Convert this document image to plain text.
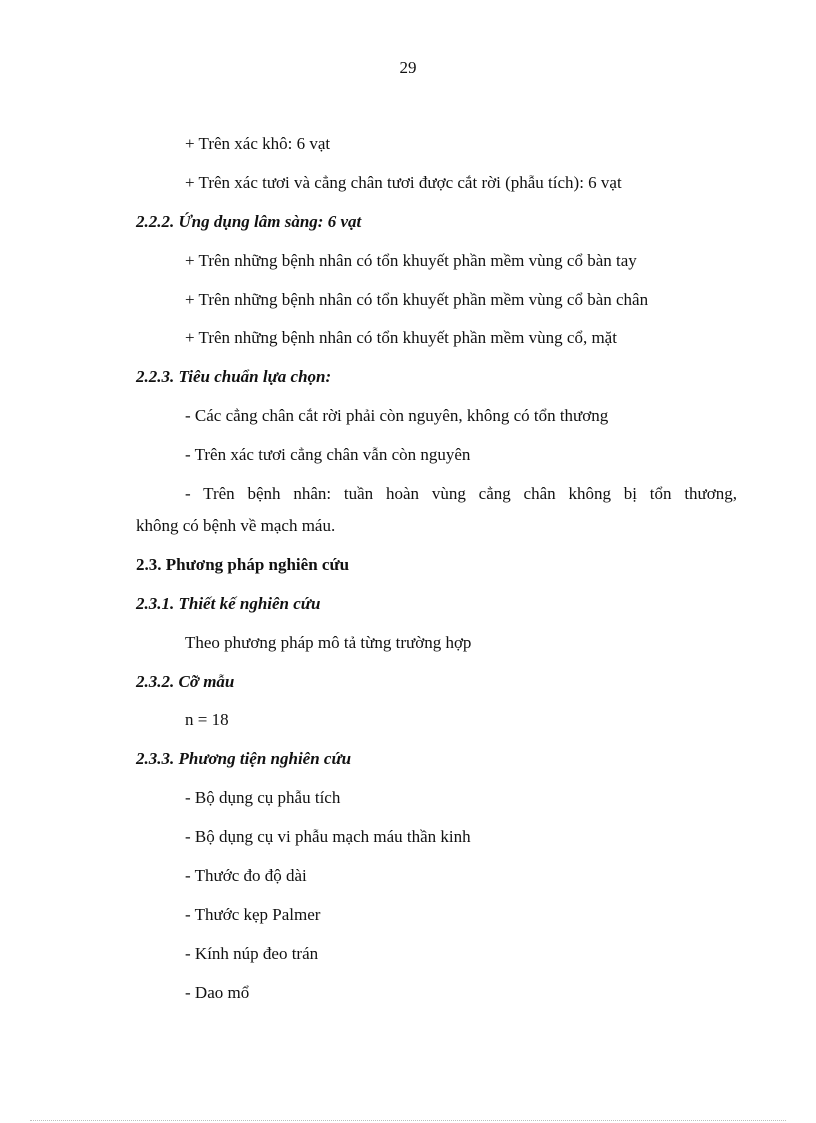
29
+ Trên xác khô: 6 vạt
+ Trên xác tươi và cẳng chân tươi được cắt rời (phẫu tích): 6 vạt
2.2.2. Ứng dụng lâm sàng: 6 vạt
+ Trên những bệnh nhân có tổn khuyết phần mềm vùng cổ bàn tay
+ Trên những bệnh nhân có tổn khuyết phần mềm vùng cổ bàn chân
+ Trên những bệnh nhân có tổn khuyết phần mềm vùng cổ, mặt
2.2.3. Tiêu chuẩn lựa chọn:
- Các cẳng chân cắt rời phải còn nguyên, không có tổn thương
- Trên xác tươi cẳng chân vẫn còn nguyên
- Trên bệnh nhân: tuần hoàn vùng cẳng chân không bị tổn thương,
không có bệnh về mạch máu.
2.3. Phương pháp nghiên cứu
2.3.1. Thiết kế nghiên cứu
Theo phương pháp mô tả từng trường hợp
2.3.2. Cỡ mẫu
n = 18
2.3.3. Phương tiện nghiên cứu
- Bộ dụng cụ phẫu tích
- Bộ dụng cụ vi phẫu mạch máu thần kinh
- Thước đo độ dài
- Thước kẹp Palmer
- Kính núp đeo trán
- Dao mổ
